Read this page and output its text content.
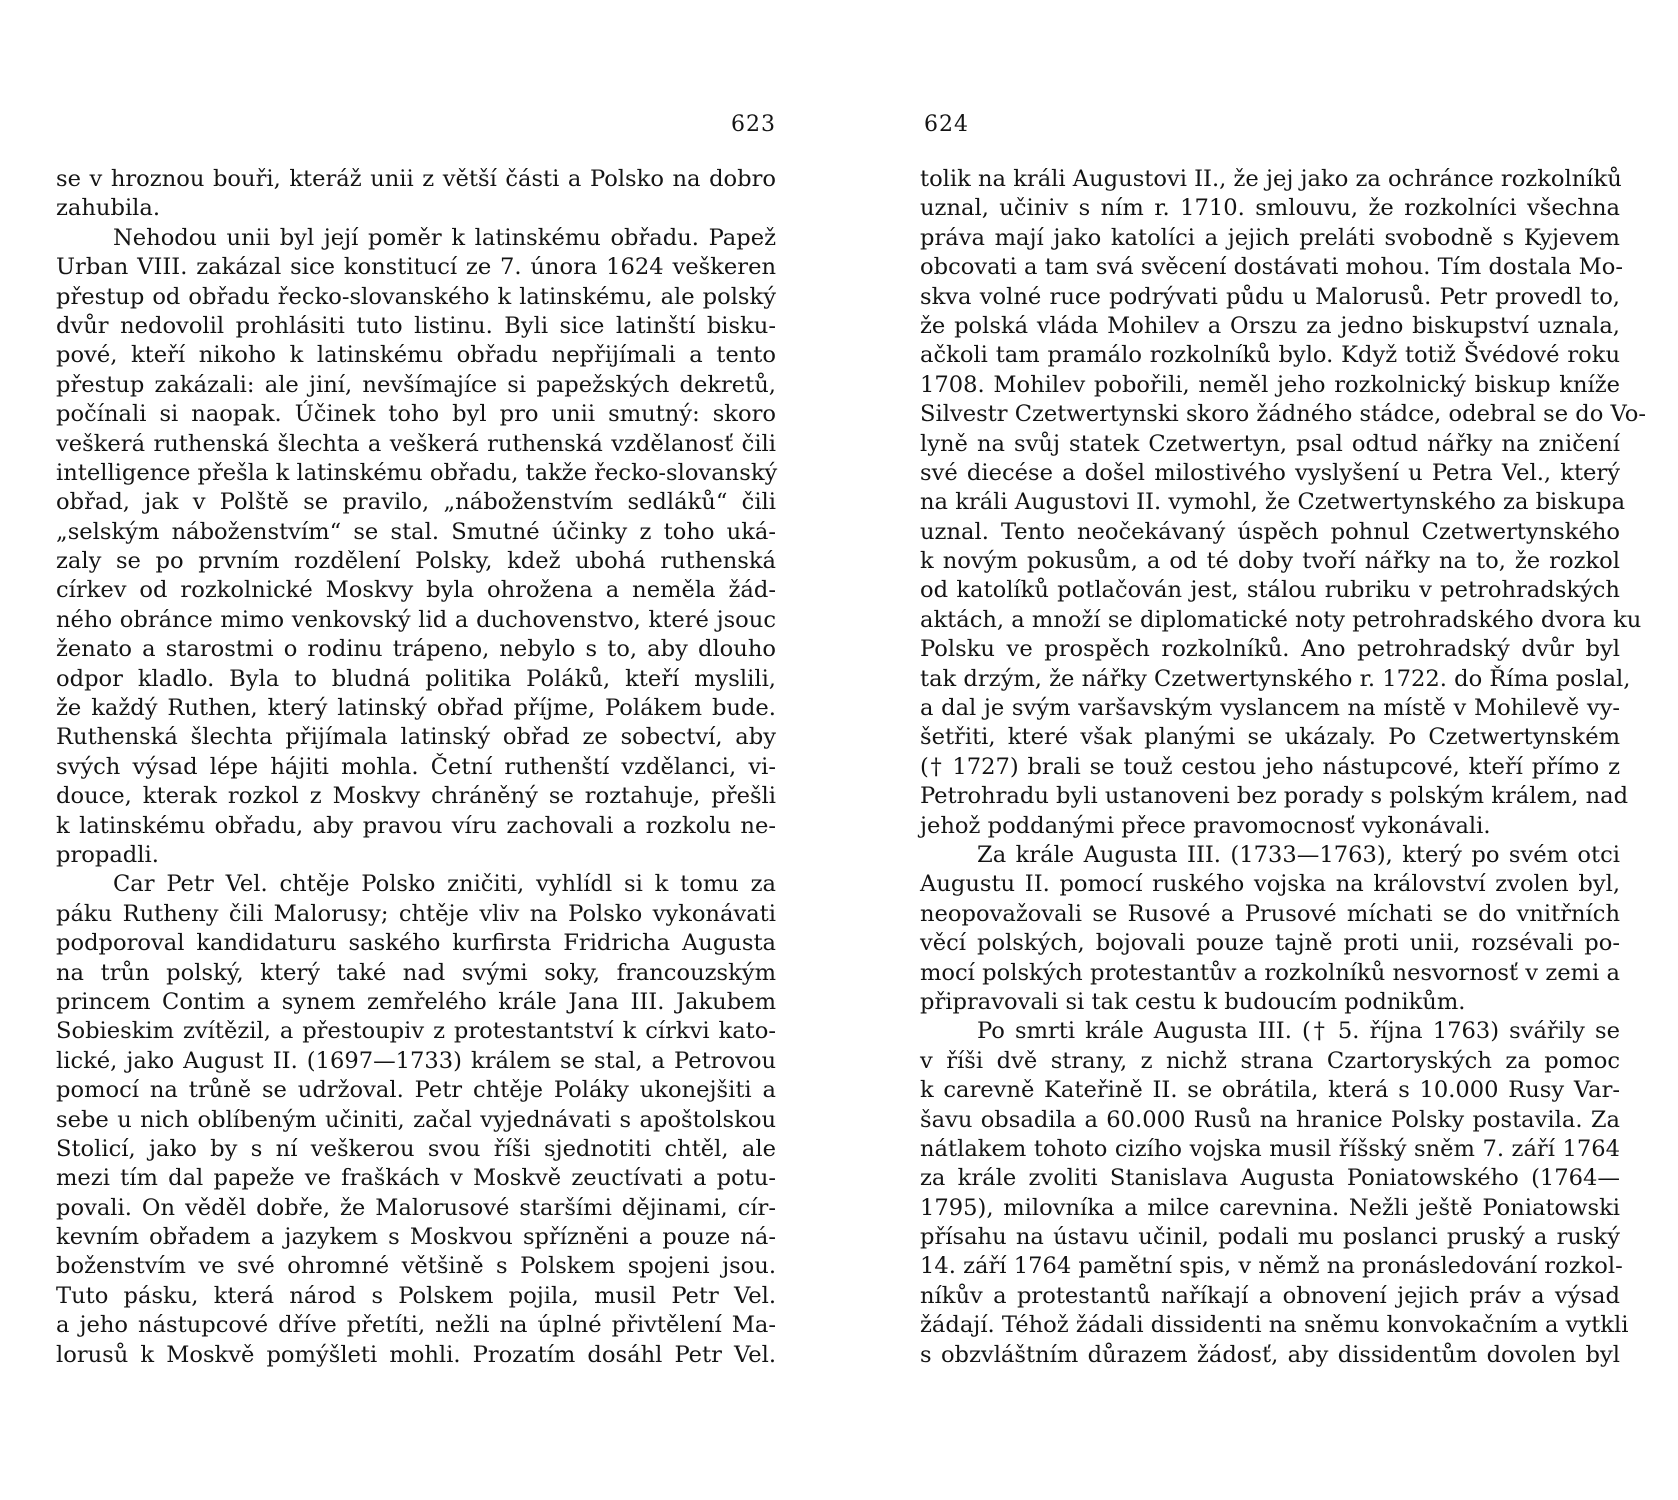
623
se v hroznou bouři, kteráž unii z větší části a Polsko na dobro
zahubila.
Nehodou unii byl její poměr k latinskému obřadu. Papež
Urban VIII. zakázal sice konstitucí ze 7. února 1624 veškeren
přestup od obřadu řecko-slovanského k latinskému, ale polský
dvůr nedovolil prohlásiti tuto listinu. Byli sice latinští bisku-
pové, kteří nikoho k latinskému obřadu nepřijímali a tento
přestup zakázali: ale jiní, nevšímajíce si papežských dekretů,
počínali si naopak. Účinek toho byl pro unii smutný: skoro
veškerá ruthenská šlechta a veškerá ruthenská vzdělanosť čili
intelligence přešla k latinskému obřadu, takže řecko-slovanský
obřad, jak v Polště se pravilo, „náboženstvím sedláků“ čili
„selským náboženstvím“ se stal. Smutné účinky z toho uká-
zaly se po prvním rozdělení Polsky, kdež ubohá ruthenská
církev od rozkolnické Moskvy byla ohrožena a neměla žád-
ného obránce mimo venkovský lid a duchovenstvo, které jsouc
ženato a starostmi o rodinu trápeno, nebylo s to, aby dlouho
odpor kladlo. Byla to bludná politika Poláků, kteří myslili,
že každý Ruthen, který latinský obřad příjme, Polákem bude.
Ruthenská šlechta přijímala latinský obřad ze sobectví, aby
svých výsad lépe hájiti mohla. Četní ruthenští vzdělanci, vi-
douce, kterak rozkol z Moskvy chráněný se roztahuje, přešli
k latinskému obřadu, aby pravou víru zachovali a rozkolu ne-
propadli.
Car Petr Vel. chtěje Polsko zničiti, vyhlídl si k tomu za
páku Rutheny čili Malorusy; chtěje vliv na Polsko vykonávati
podporoval kandidaturu saského kurfirsta Fridricha Augusta
na trůn polský, který také nad svými soky, francouzským
princem Contim a synem zemřelého krále Jana III. Jakubem
Sobieskim zvítězil, a přestoupiv z protestantství k církvi kato-
lické, jako August II. (1697—1733) králem se stal, a Petrovou
pomocí na trůně se udržoval. Petr chtěje Poláky ukonejšiti a
sebe u nich oblíbeným učiniti, začal vyjednávati s apoštolskou
Stolicí, jako by s ní veškerou svou říši sjednotiti chtěl, ale
mezi tím dal papeže ve fraškách v Moskvě zeuctívati a potu-
povali. On věděl dobře, že Malorusové staršími dějinami, cír-
kevním obřadem a jazykem s Moskvou spřízněni a pouze ná-
boženstvím ve své ohromné většině s Polskem spojeni jsou.
Tuto pásku, která národ s Polskem pojila, musil Petr Vel.
a jeho nástupcové dříve přetíti, nežli na úplné přivtělení Ma-
lorusů k Moskvě pomýšleti mohli. Prozatím dosáhl Petr Vel.
624
tolik na králi Augustovi II., že jej jako za ochránce rozkolníků
uznal, učiniv s ním r. 1710. smlouvu, že rozkolníci všechna
práva mají jako katolíci a jejich preláti svobodně s Kyjevem
obcovati a tam svá svěcení dostávati mohou. Tím dostala Mo-
skva volné ruce podrývati půdu u Malorusů. Petr provedl to,
že polská vláda Mohilev a Orszu za jedno biskupství uznala,
ačkoli tam pramálo rozkolníků bylo. Když totiž Švédové roku
1708. Mohilev pobořili, neměl jeho rozkolnický biskup kníže
Silvestr Czetwertynski skoro žádného stádce, odebral se do Vo-
lyně na svůj statek Czetwertyn, psal odtud nářky na zničení
své diecése a došel milostivého vyslyšení u Petra Vel., který
na králi Augustovi II. vymohl, že Czetwertynského za biskupa
uznal. Tento neočekávaný úspěch pohnul Czetwertynského
k novým pokusům, a od té doby tvoří nářky na to, že rozkol
od katolíků potlačován jest, stálou rubriku v petrohradských
aktách, a množí se diplomatické noty petrohradského dvora ku
Polsku ve prospěch rozkolníků. Ano petrohradský dvůr byl
tak drzým, že nářky Czetwertynského r. 1722. do Říma poslal,
a dal je svým varšavským vyslancem na místě v Mohilevě vy-
šetřiti, které však planými se ukázaly. Po Czetwertynském
(† 1727) brali se touž cestou jeho nástupcové, kteří přímo z
Petrohradu byli ustanoveni bez porady s polským králem, nad
jehož poddanými přece pravomocnosť vykonávali.
Za krále Augusta III. (1733—1763), který po svém otci
Augustu II. pomocí ruského vojska na království zvolen byl,
neopovažovali se Rusové a Prusové míchati se do vnitřních
věcí polských, bojovali pouze tajně proti unii, rozsévali po-
mocí polských protestantův a rozkolníků nesvornosť v zemi a
připravovali si tak cestu k budoucím podnikům.
Po smrti krále Augusta III. († 5. října 1763) svářily se
v říši dvě strany, z nichž strana Czartoryských za pomoc
k carevně Kateřině II. se obrátila, která s 10.000 Rusy Var-
šavu obsadila a 60.000 Rusů na hranice Polsky postavila. Za
nátlakem tohoto cizího vojska musil říšský sněm 7. září 1764
za krále zvoliti Stanislava Augusta Poniatowského (1764—
1795), milovníka a milce carevnina. Nežli ještě Poniatowski
přísahu na ústavu učinil, podali mu poslanci pruský a ruský
14. září 1764 pamětní spis, v němž na pronásledování rozkol-
níkův a protestantů naříkají a obnovení jejich práv a výsad
žádají. Téhož žádali dissidenti na sněmu konvokačním a vytkli
s obzvláštním důrazem žádosť, aby dissidentům dovolen byl
